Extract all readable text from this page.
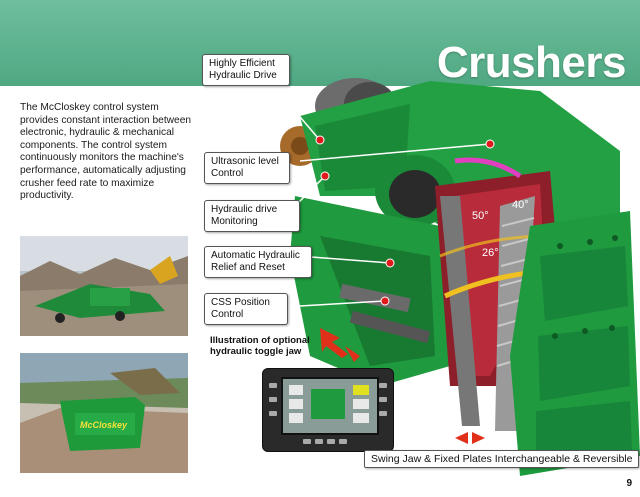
The McCloskey control system provides constant interaction between electronic, hydraulic & mechanical components. The control system continuously monitors the machine's performance, automatically adjusting crusher feed rate to maximize productivity.
McCloskey
50°
40°
26°
Crushers
Highly Efficient Hydraulic Drive
Ultrasonic level Control
Hydraulic drive Monitoring
Automatic Hydraulic Relief and Reset
CSS Position Control
Illustration of optional hydraulic toggle jaw
Swing Jaw & Fixed Plates Interchangeable & Reversible
9
